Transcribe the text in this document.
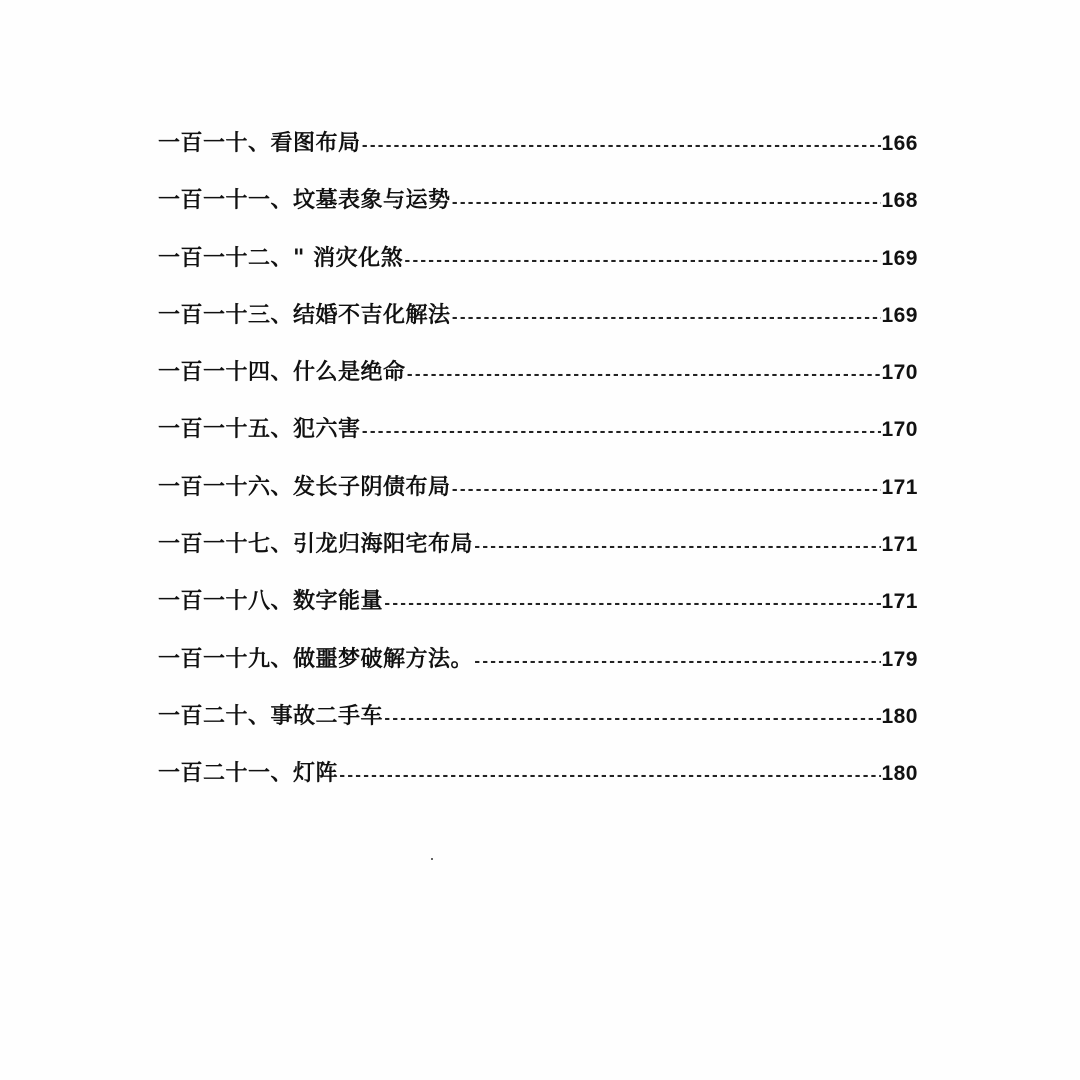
一百一十、 看图布局 -----	166
一百一十一、 坟墓表象与运势 -----	168
一百一十二、 " 消灾化煞 -----	169
一百一十三、 结婚不吉化解法 -----	169
一百一十四、 什么是绝命 -----	170
一百一十五、 犯六害 -----	170
一百一十六、 发长子阴债布局 -----	171
一百一十七、 引龙归海阳宅布局 -----	171
一百一十八、 数字能量 -----	171
一百一十九、 做噩梦破解方法。 -----	179
一百二十、 事故二手车 -----	180
一百二十一、 灯阵 -----	180
